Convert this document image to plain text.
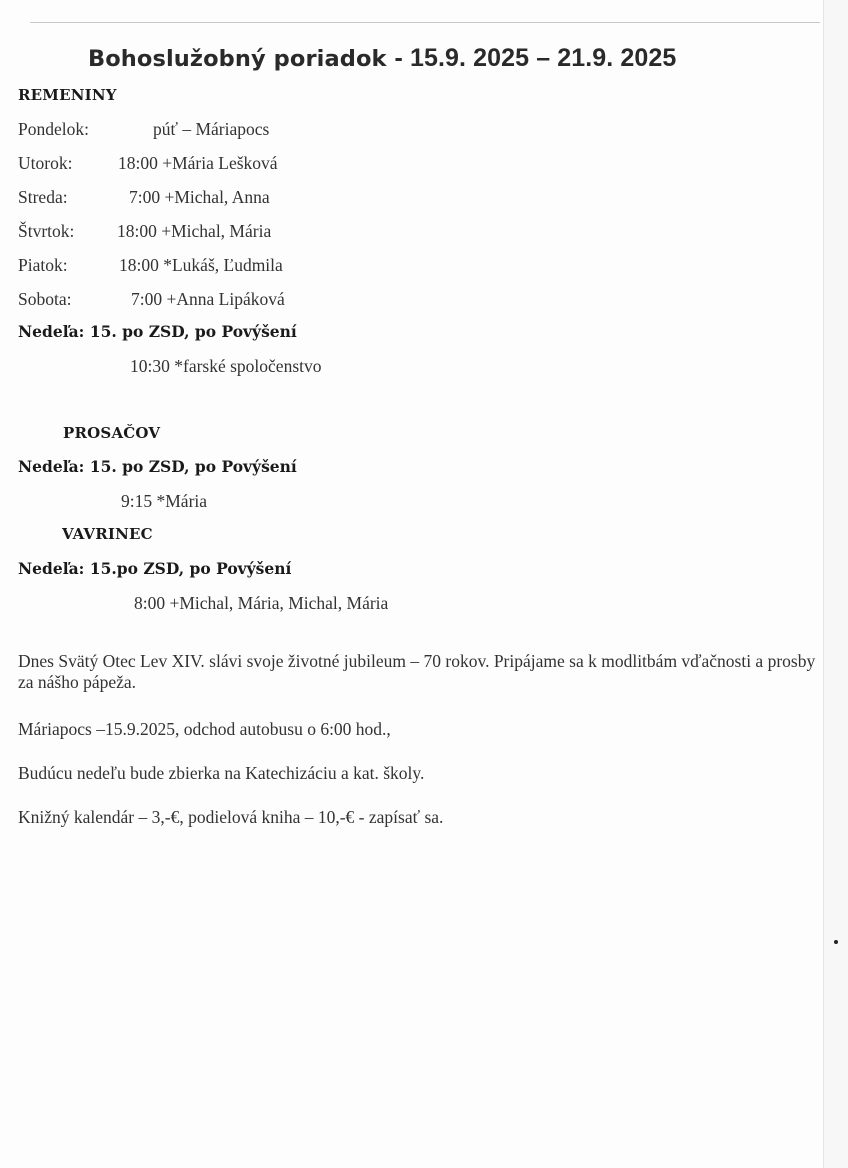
Bohoslužobný poriadok - 15.9. 2025 – 21.9. 2025
REMENINY
Pondelok:	púť – Máriapocs
Utorok:	18:00 +Mária Lešková
Streda:	7:00 +Michal, Anna
Štvrtok: 18:00 +Michal, Mária
Piatok:	18:00 *Lukáš, Ľudmila
Sobota:	7:00 +Anna Lipáková
Nedeľa: 15. po ZSD, po Povýšení
10:30 *farské spoločenstvo
PROSAČOV
Nedeľa: 15. po ZSD, po Povýšení
9:15 *Mária
VAVRINEC
Nedeľa: 15.po ZSD, po Povýšení
8:00 +Michal, Mária, Michal, Mária
Dnes Svätý Otec Lev XIV. slávi svoje životné jubileum – 70 rokov. Pripájame sa k modlitbám vďačnosti a prosby za nášho pápeža.
Máriapocs –15.9.2025, odchod autobusu o 6:00 hod.,
Budúcu nedeľu bude zbierka na Katechizáciu a kat. školy.
Knižný kalendár – 3,-€, podielová kniha – 10,-€ - zapísať sa.
